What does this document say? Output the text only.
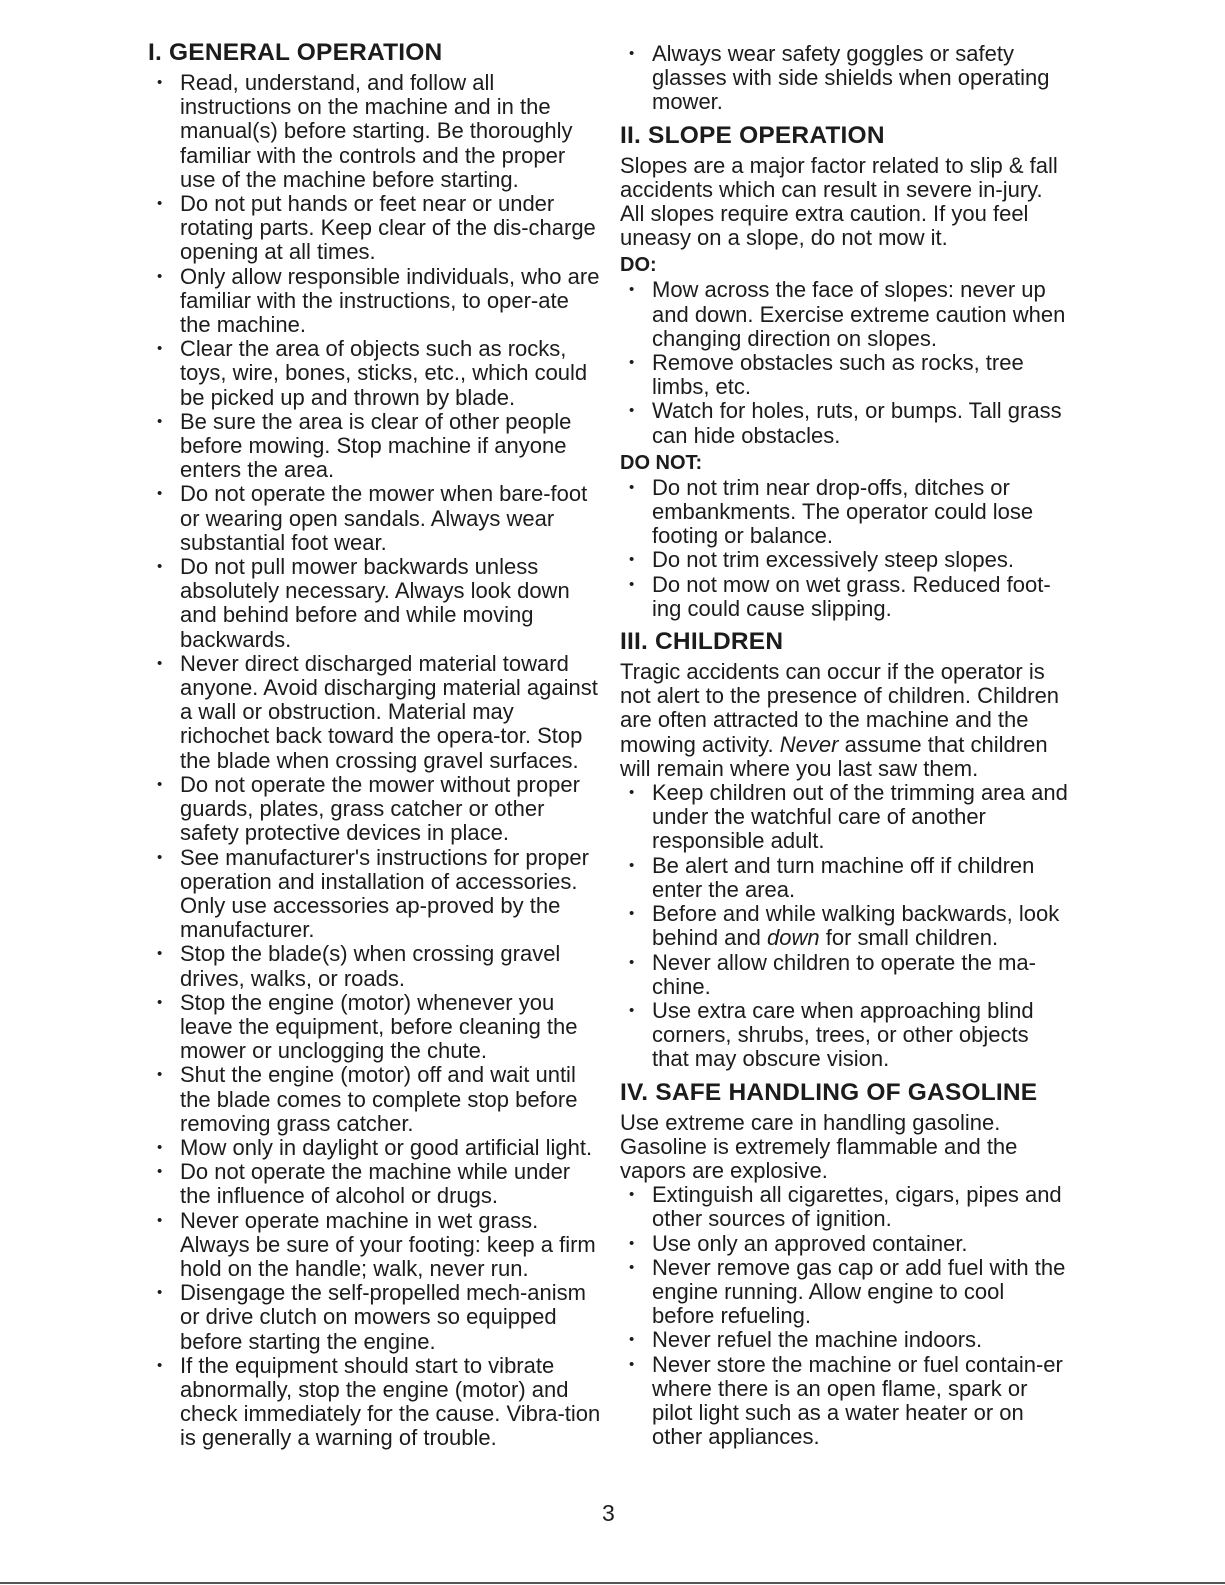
I. GENERAL OPERATION
• Read, understand, and follow all instructions on the machine and in the manual(s) before starting. Be thoroughly familiar with the controls and the proper use of the machine before starting.
• Do not put hands or feet near or under rotating parts. Keep clear of the dis-charge opening at all times.
• Only allow responsible individuals, who are familiar with the instructions, to oper-ate the machine.
• Clear the area of objects such as rocks, toys, wire, bones, sticks, etc., which could be picked up and thrown by blade.
• Be sure the area is clear of other people before mowing. Stop machine if anyone enters the area.
• Do not operate the mower when bare-foot or wearing open sandals. Always wear substantial foot wear.
• Do not pull mower backwards unless absolutely necessary. Always look down and behind before and while moving backwards.
• Never direct discharged material toward anyone. Avoid discharging material against a wall or obstruction. Material may richochet back toward the opera-tor. Stop the blade when crossing gravel surfaces.
• Do not operate the mower without proper guards, plates, grass catcher or other safety protective devices in place.
• See manufacturer's instructions for proper operation and installation of accessories. Only use accessories ap-proved by the manufacturer.
• Stop the blade(s) when crossing gravel drives, walks, or roads.
• Stop the engine (motor) whenever you leave the equipment, before cleaning the mower or unclogging the chute.
• Shut the engine (motor) off and wait until the blade comes to complete stop before removing grass catcher.
• Mow only in daylight or good artificial light.
• Do not operate the machine while under the influence of alcohol or drugs.
• Never operate machine in wet grass. Always be sure of your footing: keep a firm hold on the handle; walk, never run.
• Disengage the self-propelled mech-anism or drive clutch on mowers so equipped before starting the engine.
• If the equipment should start to vibrate abnormally, stop the engine (motor) and check immediately for the cause. Vibra-tion is generally a warning of trouble.
• Always wear safety goggles or safety glasses with side shields when operating mower.
II. SLOPE OPERATION

Slopes are a major factor related to slip & fall accidents which can result in severe in-jury. All slopes require extra caution. If you feel uneasy on a slope, do not mow it.

DO:
• Mow across the face of slopes: never up and down. Exercise extreme caution when changing direction on slopes.
• Remove obstacles such as rocks, tree limbs, etc.
• Watch for holes, ruts, or bumps. Tall grass can hide obstacles.
DO NOT:
• Do not trim near drop-offs, ditches or embankments. The operator could lose footing or balance.
• Do not trim excessively steep slopes.
• Do not mow on wet grass. Reduced foot-ing could cause slipping.
III. CHILDREN

Tragic accidents can occur if the operator is not alert to the presence of children. Children are often attracted to the machine and the mowing activity. Never assume that children will remain where you last saw them.

• Keep children out of the trimming area and under the watchful care of another responsible adult.
• Be alert and turn machine off if children enter the area.
• Before and while walking backwards, look behind and down for small children.
• Never allow children to operate the ma-chine.
• Use extra care when approaching blind corners, shrubs, trees, or other objects that may obscure vision.
IV. SAFE HANDLING OF GASOLINE

Use extreme care in handling gasoline. Gasoline is extremely flammable and the vapors are explosive.

• Extinguish all cigarettes, cigars, pipes and other sources of ignition.
• Use only an approved container.
• Never remove gas cap or add fuel with the engine running. Allow engine to cool before refueling.
• Never refuel the machine indoors.
• Never store the machine or fuel contain-er where there is an open flame, spark or pilot light such as a water heater or on other appliances.
3
